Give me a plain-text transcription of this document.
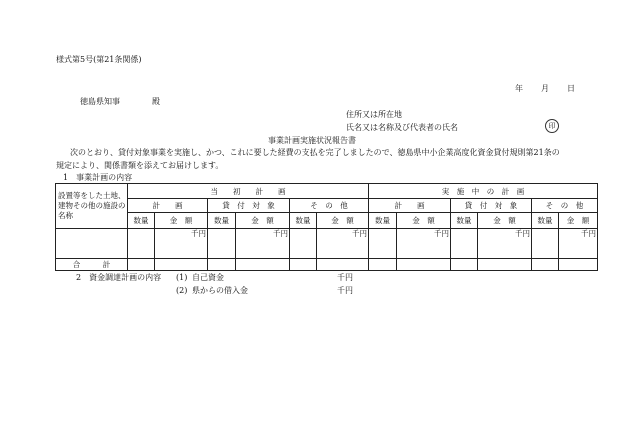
様式第5号(第21条関係)
年 月 日
徳島県知事　　　　殿
住所又は所在地
氏名又は名称及び代表者の氏名	印
事業計画実施状況報告書
次のとおり、貸付対象事業を実施し、かつ、これに要した経費の支払を完了しましたので、徳島県中小企業高度化資金貸付規則第21条の
規定により、関係書類を添えてお届けします。
1　事業計画の内容
設置等をした土地、建物その他の施設の名称	当　　初　　計　　画						実　施　中　の　計　画					
	計　　画		貸　付　対　象		そ　の　他		計　　画		貸　付　対　象		そ　の　他	
	数量	金　額	数量	金　額	数量	金　額	数量	金　額	数量	金　額	数量	金　額
		千円		千円		千円		千円		千円		千円
合　　　計												
2　資金調達計画の内容 (1) 自己資金	千円
(2) 県からの借入金	千円
